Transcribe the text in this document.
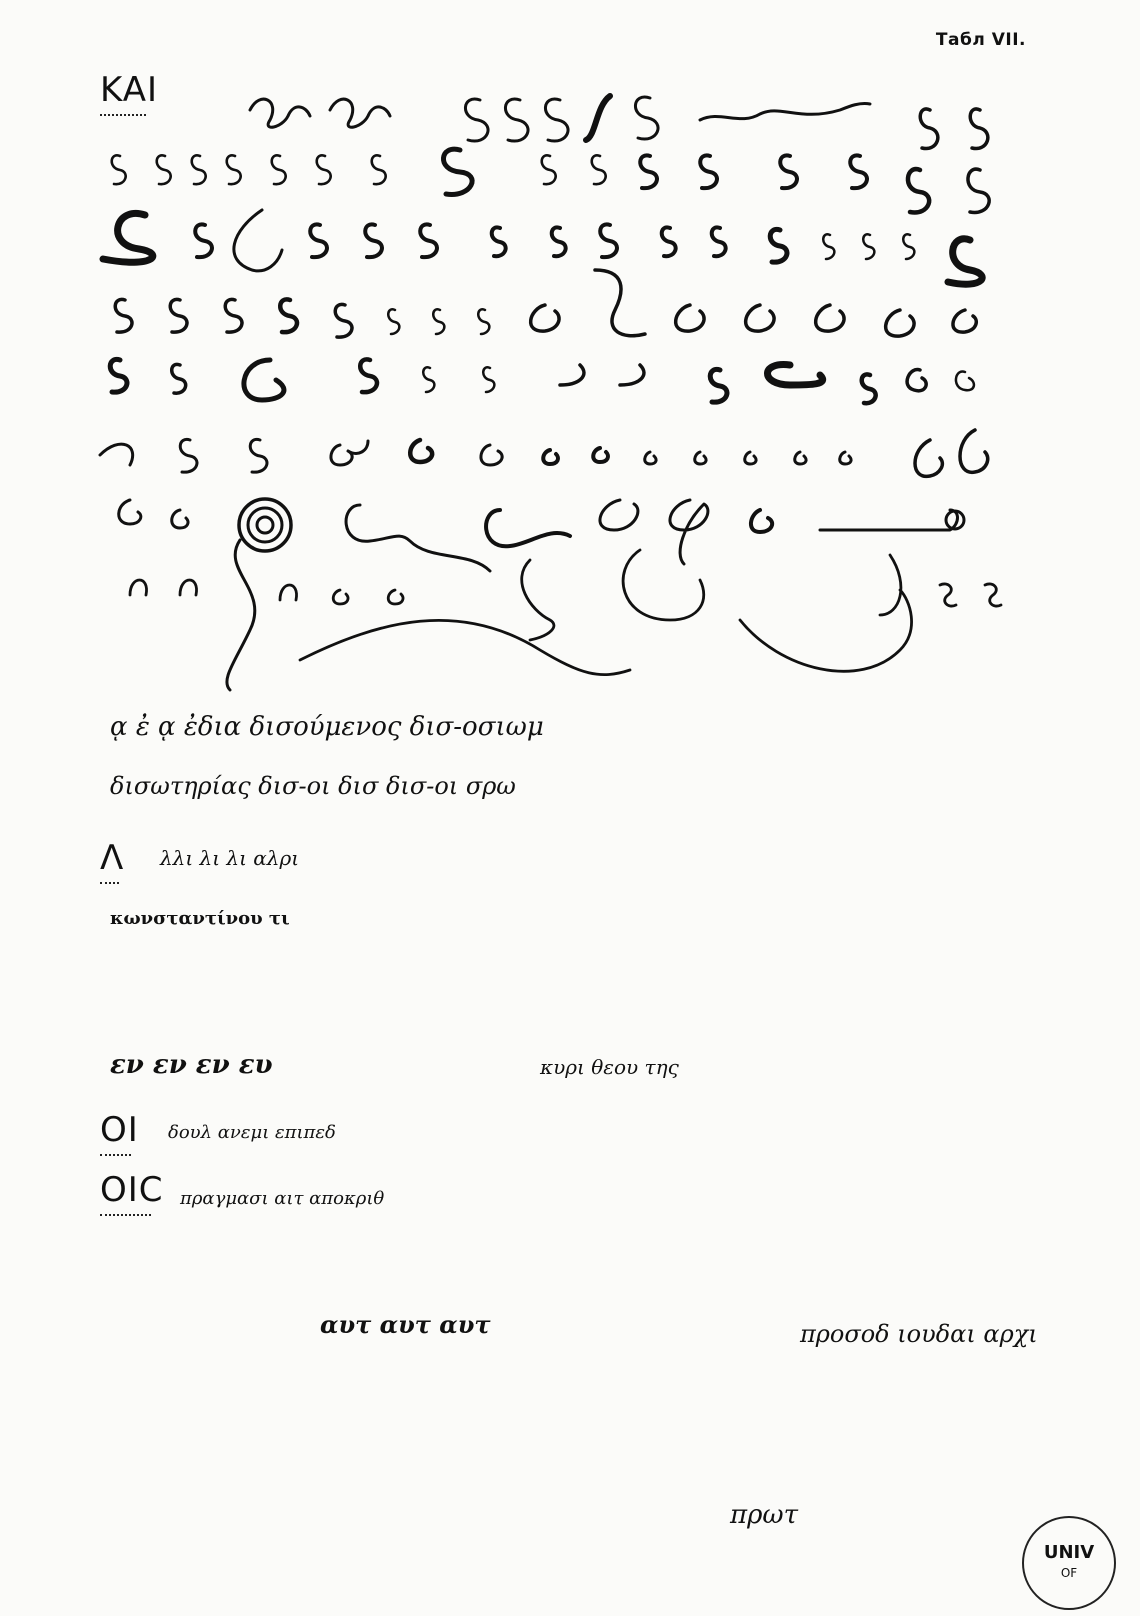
Табл VII.
KAI
Λ
OI
OIC
ᾳ ἐ ᾳ ἐδια δισούμενος δισ-οσιωμ
δισωτηρίας δισ-οι δισ δισ-οι σρω
λλι λι λι αλρι
κωνσταντίνου τι
εν εν εν ευ	κυρι θεου της
δουλ ανεμι επιπεδ
πραγμασι αιτ αποκριθ
αυτ αυτ αυτ	προσοδ ιουδαι αρχι
πρωτ
UNIV
OF
